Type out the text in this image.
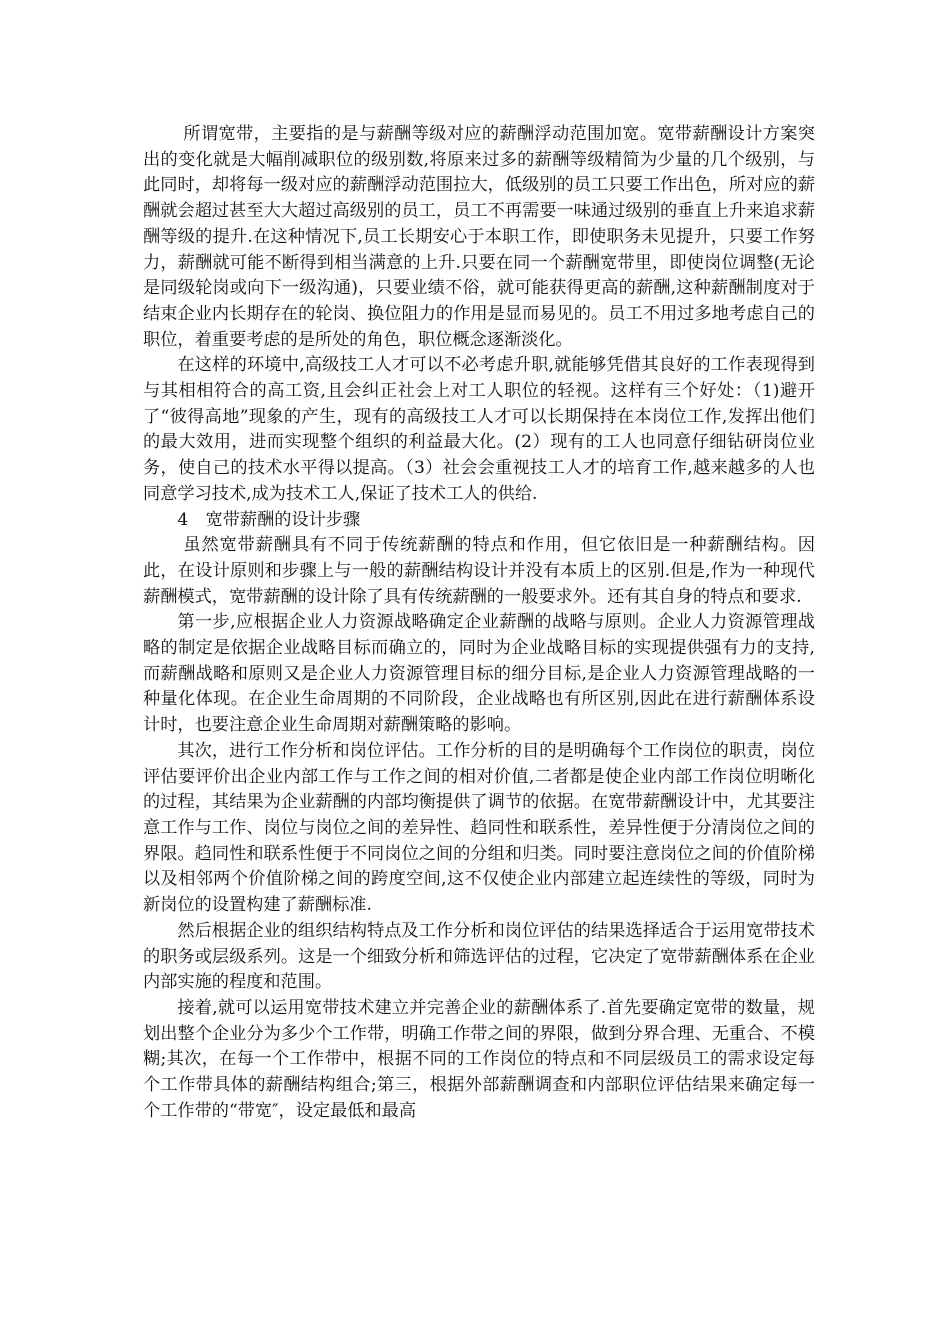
所谓宽带，主要指的是与薪酬等级对应的薪酬浮动范围加宽。宽带薪酬设计方案突出的变化就是大幅削减职位的级别数,将原来过多的薪酬等级精简为少量的几个级别，与此同时，却将每一级对应的薪酬浮动范围拉大，低级别的员工只要工作出色，所对应的薪酬就会超过甚至大大超过高级别的员工，员工不再需要一味通过级别的垂直上升来追求薪酬等级的提升.在这种情况下,员工长期安心于本职工作，即使职务未见提升，只要工作努力，薪酬就可能不断得到相当满意的上升.只要在同一个薪酬宽带里，即使岗位调整(无论是同级轮岗或向下一级沟通)，只要业绩不俗，就可能获得更高的薪酬,这种薪酬制度对于结束企业内长期存在的轮岗、换位阻力的作用是显而易见的。员工不用过多地考虑自己的职位，着重要考虑的是所处的角色，职位概念逐渐淡化。

在这样的环境中,高级技工人才可以不必考虑升职,就能够凭借其良好的工作表现得到与其相相符合的高工资,且会纠正社会上对工人职位的轻视。这样有三个好处：（1)避开了“彼得高地”现象的产生，现有的高级技工人才可以长期保持在本岗位工作,发挥出他们的最大效用，进而实现整个组织的利益最大化。(2）现有的工人也同意仔细钻研岗位业务，使自己的技术水平得以提高。（3）社会会重视技工人才的培育工作,越来越多的人也同意学习技术,成为技术工人,保证了技术工人的供给.

4　宽带薪酬的设计步骤

虽然宽带薪酬具有不同于传统薪酬的特点和作用，但它依旧是一种薪酬结构。因此，在设计原则和步骤上与一般的薪酬结构设计并没有本质上的区别.但是,作为一种现代薪酬模式，宽带薪酬的设计除了具有传统薪酬的一般要求外。还有其自身的特点和要求.

第一步,应根据企业人力资源战略确定企业薪酬的战略与原则。企业人力资源管理战略的制定是依据企业战略目标而确立的，同时为企业战略目标的实现提供强有力的支持,而薪酬战略和原则又是企业人力资源管理目标的细分目标,是企业人力资源管理战略的一种量化体现。在企业生命周期的不同阶段，企业战略也有所区别,因此在进行薪酬体系设计时，也要注意企业生命周期对薪酬策略的影响。

其次，进行工作分析和岗位评估。工作分析的目的是明确每个工作岗位的职责，岗位评估要评价出企业内部工作与工作之间的相对价值,二者都是使企业内部工作岗位明晰化的过程，其结果为企业薪酬的内部均衡提供了调节的依据。在宽带薪酬设计中，尤其要注意工作与工作、岗位与岗位之间的差异性、趋同性和联系性，差异性便于分清岗位之间的界限。趋同性和联系性便于不同岗位之间的分组和归类。同时要注意岗位之间的价值阶梯以及相邻两个价值阶梯之间的跨度空间,这不仅使企业内部建立起连续性的等级，同时为新岗位的设置构建了薪酬标准.

然后根据企业的组织结构特点及工作分析和岗位评估的结果选择适合于运用宽带技术的职务或层级系列。这是一个细致分析和筛选评估的过程，它决定了宽带薪酬体系在企业内部实施的程度和范围。

接着,就可以运用宽带技术建立并完善企业的薪酬体系了.首先要确定宽带的数量，规划出整个企业分为多少个工作带，明确工作带之间的界限，做到分界合理、无重合、不模糊;其次，在每一个工作带中，根据不同的工作岗位的特点和不同层级员工的需求设定每个工作带具体的薪酬结构组合;第三，根据外部薪酬调查和内部职位评估结果来确定每一个工作带的“带宽″，设定最低和最高
